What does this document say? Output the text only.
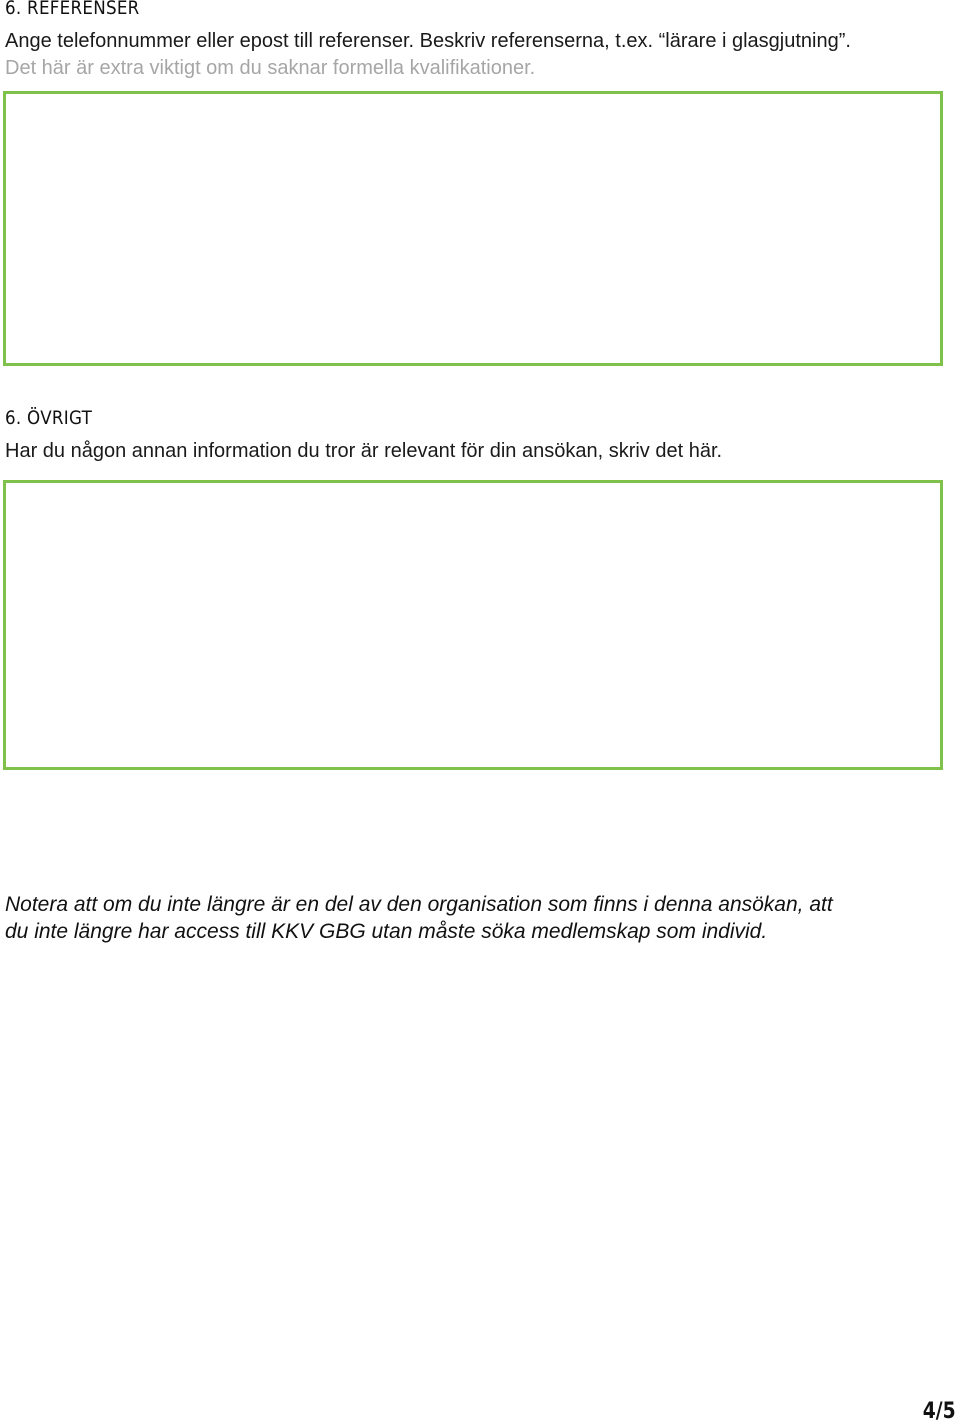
6. REFERENSER

Ange telefonnummer eller epost till referenser. Beskriv referenserna, t.ex. “lärare i glasgjutning”.

Det här är extra viktigt om du saknar formella kvalifikationer.

6. ÖVRIGT

Har du någon annan information du tror är relevant för din ansökan, skriv det här.

Notera att om du inte längre är en del av den organisation som finns i denna ansökan, att

du inte längre har access till KKV GBG utan måste söka medlemskap som individ.

4/5
